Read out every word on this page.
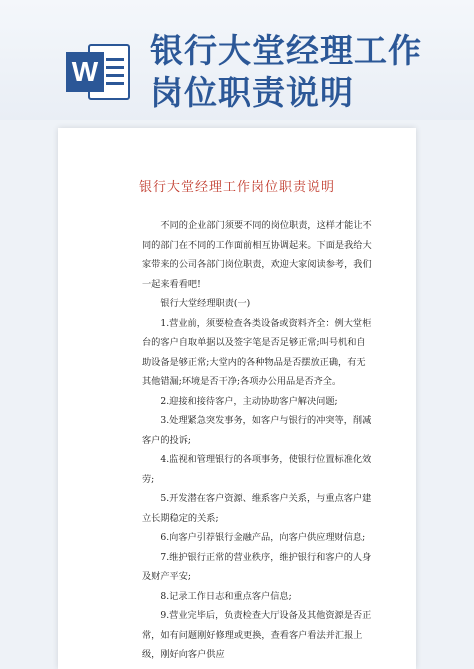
W
银行大堂经理工作
岗位职责说明
银行大堂经理工作岗位职责说明

不同的企业部门须要不同的岗位职责，这样才能让不同的部门在不同的工作面前相互协调起来。下面是我给大家带来的公司各部门岗位职责，欢迎大家阅读参考，我们一起来看看吧!

银行大堂经理职责(一)

1.营业前，须要检查各类设备或资料齐全：例大堂柜台的客户自取单据以及签字笔是否足够正常;叫号机和自助设备是够正常;大堂内的各种物品是否摆放正确，有无其他错漏;环境是否干净;各项办公用品是否齐全。

2.迎接和接待客户，主动协助客户解决问题;

3.处理紧急突发事务，如客户与银行的冲突等，削减客户的投诉;

4.监视和管理银行的各项事务，使银行位置标准化效劳;

5.开发潜在客户资源、维系客户关系，与重点客户建立长期稳定的关系;

6.向客户引荐银行金融产品，向客户供应理财信息;

7.维护银行正常的营业秩序，维护银行和客户的人身及财产平安;

8.记录工作日志和重点客户信息;

9.营业完毕后，负责检查大厅设备及其他资源是否正常，如有问题刚好修理或更换，查看客户看法并汇报上级，刚好向客户供应
